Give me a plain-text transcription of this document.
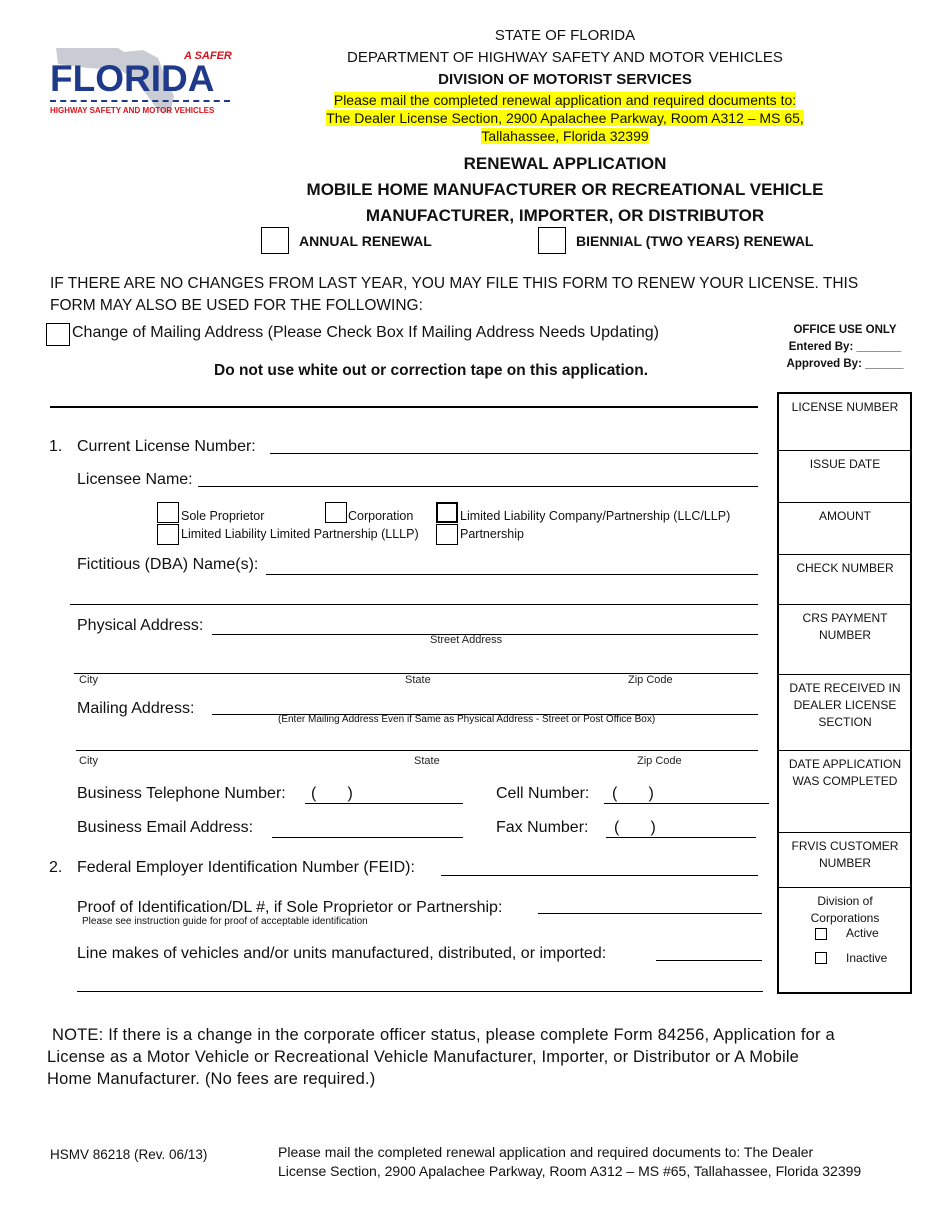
A SAFER
FLORIDA
HIGHWAY SAFETY AND MOTOR VEHICLES
STATE OF FLORIDA
DEPARTMENT OF HIGHWAY SAFETY AND MOTOR VEHICLES
DIVISION OF MOTORIST SERVICES
Please mail the completed renewal application and required documents to:
The Dealer License Section, 2900 Apalachee Parkway, Room A312 – MS 65,
Tallahassee, Florida 32399
RENEWAL APPLICATION
MOBILE HOME MANUFACTURER OR RECREATIONAL VEHICLE
MANUFACTURER, IMPORTER, OR DISTRIBUTOR
ANNUAL RENEWAL	BIENNIAL (TWO YEARS) RENEWAL
IF THERE ARE NO CHANGES FROM LAST YEAR, YOU MAY FILE THIS FORM TO RENEW YOUR LICENSE. THIS
FORM MAY ALSO BE USED FOR THE FOLLOWING:
Change of Mailing Address (Please Check Box If Mailing Address Needs Updating)
Do not use white out or correction tape on this application.
OFFICE USE ONLY
Entered By: _______
Approved By: ______
LICENSE NUMBER
ISSUE DATE
AMOUNT
CHECK NUMBER
CRS PAYMENT NUMBER
DATE RECEIVED IN DEALER LICENSE SECTION
DATE APPLICATION WAS COMPLETED
FRVIS CUSTOMER NUMBER
Division of Corporations
Active
Inactive
1. Current License Number:
Licensee Name:
Sole Proprietor	Corporation	Limited Liability Company/Partnership (LLC/LLP)
Limited Liability Limited Partnership (LLLP)	Partnership
Fictitious (DBA) Name(s):
Physical Address:
Street Address
City	State	Zip Code
Mailing Address:
(Enter Mailing Address Even if Same as Physical Address - Street or Post Office Box)
City	State	Zip Code
Business Telephone Number: (       )	Cell Number: (       )
Business Email Address:	Fax Number: (       )
2. Federal Employer Identification Number (FEID):
Proof of Identification/DL #, if Sole Proprietor or Partnership:
Please see instruction guide for proof of acceptable identification
Line makes of vehicles and/or units manufactured, distributed, or imported:
NOTE: If there is a change in the corporate officer status, please complete Form 84256, Application for a
License as a Motor Vehicle or Recreational Vehicle Manufacturer, Importer, or Distributor or A Mobile
Home Manufacturer. (No fees are required.)
HSMV 86218 (Rev. 06/13)	Please mail the completed renewal application and required documents to: The Dealer
License Section, 2900 Apalachee Parkway, Room A312 – MS #65, Tallahassee, Florida 32399
